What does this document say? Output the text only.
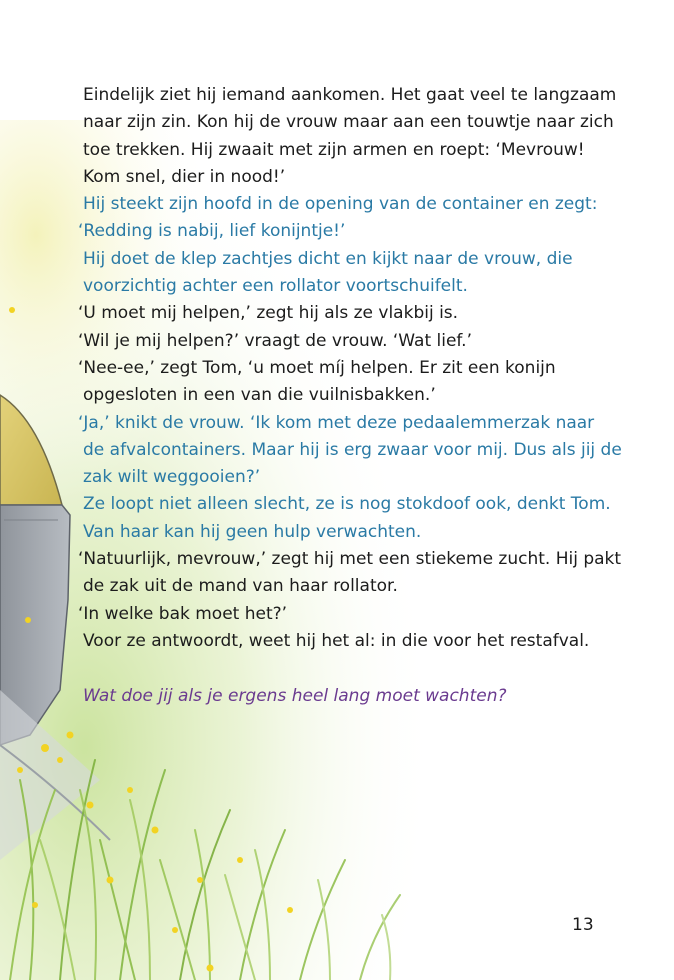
Eindelijk ziet hij iemand aankomen. Het gaat veel te langzaam

naar zijn zin. Kon hij de vrouw maar aan een touwtje naar zich

toe trekken. Hij zwaait met zijn armen en roept: ‘Mevrouw!

Kom snel, dier in nood!’

Hij steekt zijn hoofd in de opening van de container en zegt:

‘Redding is nabij, lief konijntje!’

Hij doet de klep zachtjes dicht en kijkt naar de vrouw, die

voorzichtig achter een rollator voortschuifelt.

‘U moet mij helpen,’ zegt hij als ze vlakbij is.

‘Wil je mij helpen?’ vraagt de vrouw. ‘Wat lief.’

‘Nee-ee,’ zegt Tom, ‘u moet míj helpen. Er zit een konijn

opgesloten in een van die vuilnisbakken.’

‘Ja,’ knikt de vrouw. ‘Ik kom met deze pedaalemmerzak naar

de afvalcontainers. Maar hij is erg zwaar voor mij. Dus als jij de

zak wilt weggooien?’

Ze loopt niet alleen slecht, ze is nog stokdoof ook, denkt Tom.

Van haar kan hij geen hulp verwachten.

‘Natuurlijk, mevrouw,’ zegt hij met een stiekeme zucht. Hij pakt

de zak uit de mand van haar rollator.

‘In welke bak moet het?’

Voor ze antwoordt, weet hij het al: in die voor het restafval.

Wat doe jij als je ergens heel lang moet wachten?
13
